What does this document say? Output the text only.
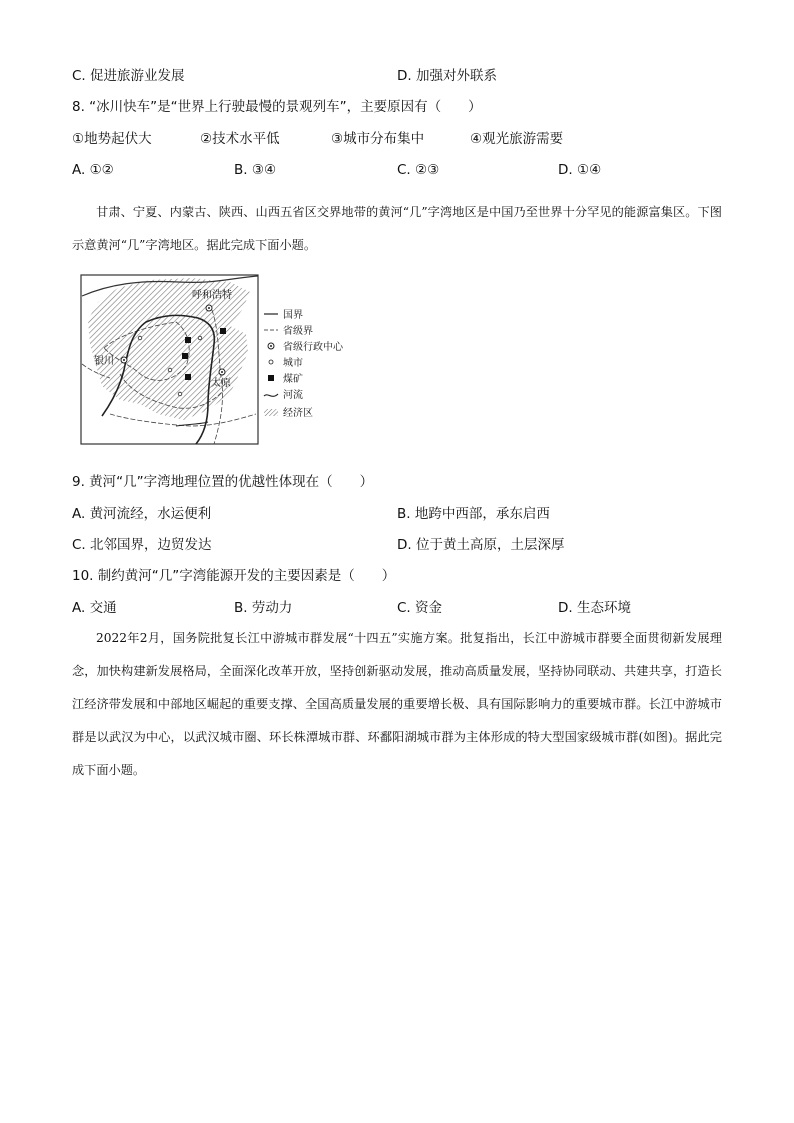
C. 促进旅游业发展	D. 加强对外联系
8. “冰川快车”是“世界上行驶最慢的景观列车”，主要原因有（　　）
①地势起伏大	②技术水平低	③城市分布集中	④观光旅游需要
A. ①②	B. ③④	C. ②③	D. ①④
甘肃、宁夏、内蒙古、陕西、山西五省区交界地带的黄河“几”字湾地区是中国乃至世界十分罕见的能源富集区。下图示意黄河“几”字湾地区。据此完成下面小题。
呼和浩特
银川
太原
国界
省级界
省级行政中心
城市
煤矿
河流
经济区
9. 黄河“几”字湾地理位置的优越性体现在（　　）
A. 黄河流经，水运便利	B. 地跨中西部，承东启西
C. 北邻国界，边贸发达	D. 位于黄土高原，土层深厚
10. 制约黄河“几”字湾能源开发的主要因素是（　　）
A. 交通	B. 劳动力	C. 资金	D. 生态环境
2022年2月，国务院批复长江中游城市群发展“十四五”实施方案。批复指出，长江中游城市群要全面贯彻新发展理念，加快构建新发展格局，全面深化改革开放，坚持创新驱动发展，推动高质量发展，坚持协同联动、共建共享，打造长江经济带发展和中部地区崛起的重要支撑、全国高质量发展的重要增长极、具有国际影响力的重要城市群。长江中游城市群是以武汉为中心，以武汉城市圈、环长株潭城市群、环鄱阳湖城市群为主体形成的特大型国家级城市群(如图)。据此完成下面小题。
